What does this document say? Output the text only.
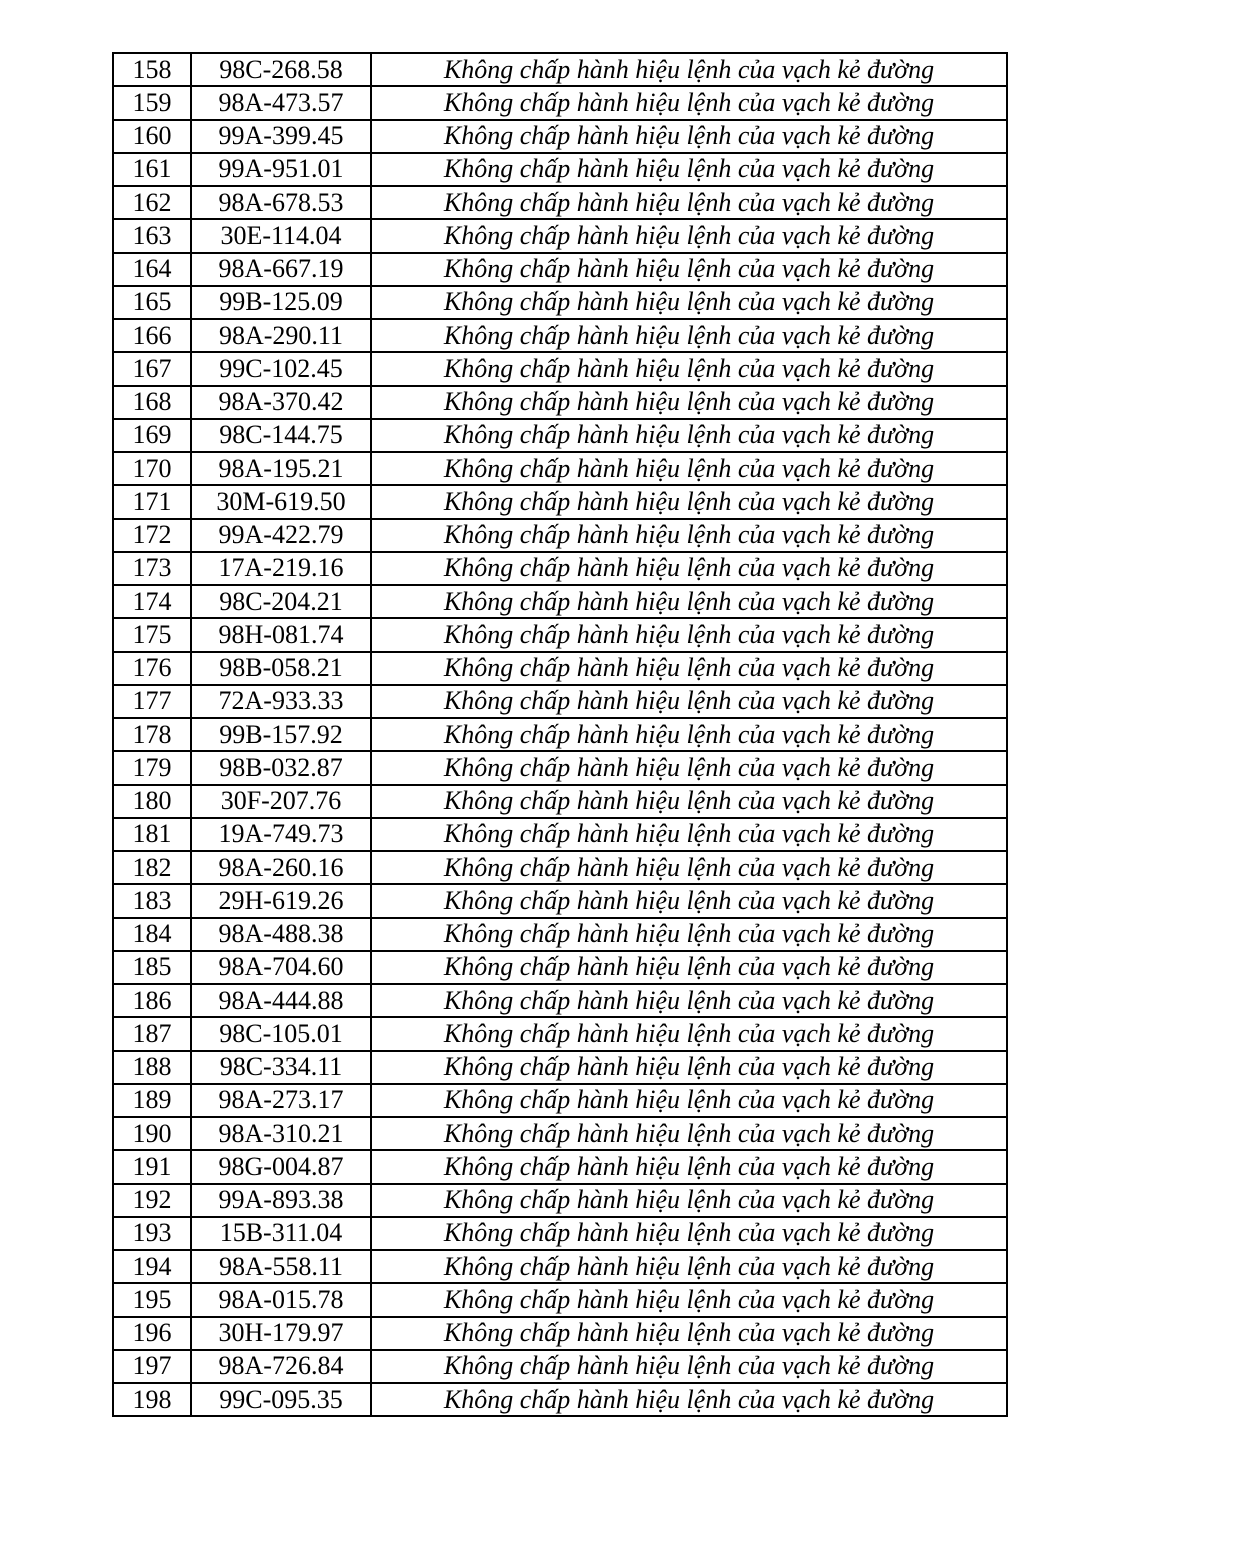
158	98C-268.58	Không chấp hành hiệu lệnh của vạch kẻ đường
159	98A-473.57	Không chấp hành hiệu lệnh của vạch kẻ đường
160	99A-399.45	Không chấp hành hiệu lệnh của vạch kẻ đường
161	99A-951.01	Không chấp hành hiệu lệnh của vạch kẻ đường
162	98A-678.53	Không chấp hành hiệu lệnh của vạch kẻ đường
163	30E-114.04	Không chấp hành hiệu lệnh của vạch kẻ đường
164	98A-667.19	Không chấp hành hiệu lệnh của vạch kẻ đường
165	99B-125.09	Không chấp hành hiệu lệnh của vạch kẻ đường
166	98A-290.11	Không chấp hành hiệu lệnh của vạch kẻ đường
167	99C-102.45	Không chấp hành hiệu lệnh của vạch kẻ đường
168	98A-370.42	Không chấp hành hiệu lệnh của vạch kẻ đường
169	98C-144.75	Không chấp hành hiệu lệnh của vạch kẻ đường
170	98A-195.21	Không chấp hành hiệu lệnh của vạch kẻ đường
171	30M-619.50	Không chấp hành hiệu lệnh của vạch kẻ đường
172	99A-422.79	Không chấp hành hiệu lệnh của vạch kẻ đường
173	17A-219.16	Không chấp hành hiệu lệnh của vạch kẻ đường
174	98C-204.21	Không chấp hành hiệu lệnh của vạch kẻ đường
175	98H-081.74	Không chấp hành hiệu lệnh của vạch kẻ đường
176	98B-058.21	Không chấp hành hiệu lệnh của vạch kẻ đường
177	72A-933.33	Không chấp hành hiệu lệnh của vạch kẻ đường
178	99B-157.92	Không chấp hành hiệu lệnh của vạch kẻ đường
179	98B-032.87	Không chấp hành hiệu lệnh của vạch kẻ đường
180	30F-207.76	Không chấp hành hiệu lệnh của vạch kẻ đường
181	19A-749.73	Không chấp hành hiệu lệnh của vạch kẻ đường
182	98A-260.16	Không chấp hành hiệu lệnh của vạch kẻ đường
183	29H-619.26	Không chấp hành hiệu lệnh của vạch kẻ đường
184	98A-488.38	Không chấp hành hiệu lệnh của vạch kẻ đường
185	98A-704.60	Không chấp hành hiệu lệnh của vạch kẻ đường
186	98A-444.88	Không chấp hành hiệu lệnh của vạch kẻ đường
187	98C-105.01	Không chấp hành hiệu lệnh của vạch kẻ đường
188	98C-334.11	Không chấp hành hiệu lệnh của vạch kẻ đường
189	98A-273.17	Không chấp hành hiệu lệnh của vạch kẻ đường
190	98A-310.21	Không chấp hành hiệu lệnh của vạch kẻ đường
191	98G-004.87	Không chấp hành hiệu lệnh của vạch kẻ đường
192	99A-893.38	Không chấp hành hiệu lệnh của vạch kẻ đường
193	15B-311.04	Không chấp hành hiệu lệnh của vạch kẻ đường
194	98A-558.11	Không chấp hành hiệu lệnh của vạch kẻ đường
195	98A-015.78	Không chấp hành hiệu lệnh của vạch kẻ đường
196	30H-179.97	Không chấp hành hiệu lệnh của vạch kẻ đường
197	98A-726.84	Không chấp hành hiệu lệnh của vạch kẻ đường
198	99C-095.35	Không chấp hành hiệu lệnh của vạch kẻ đường
